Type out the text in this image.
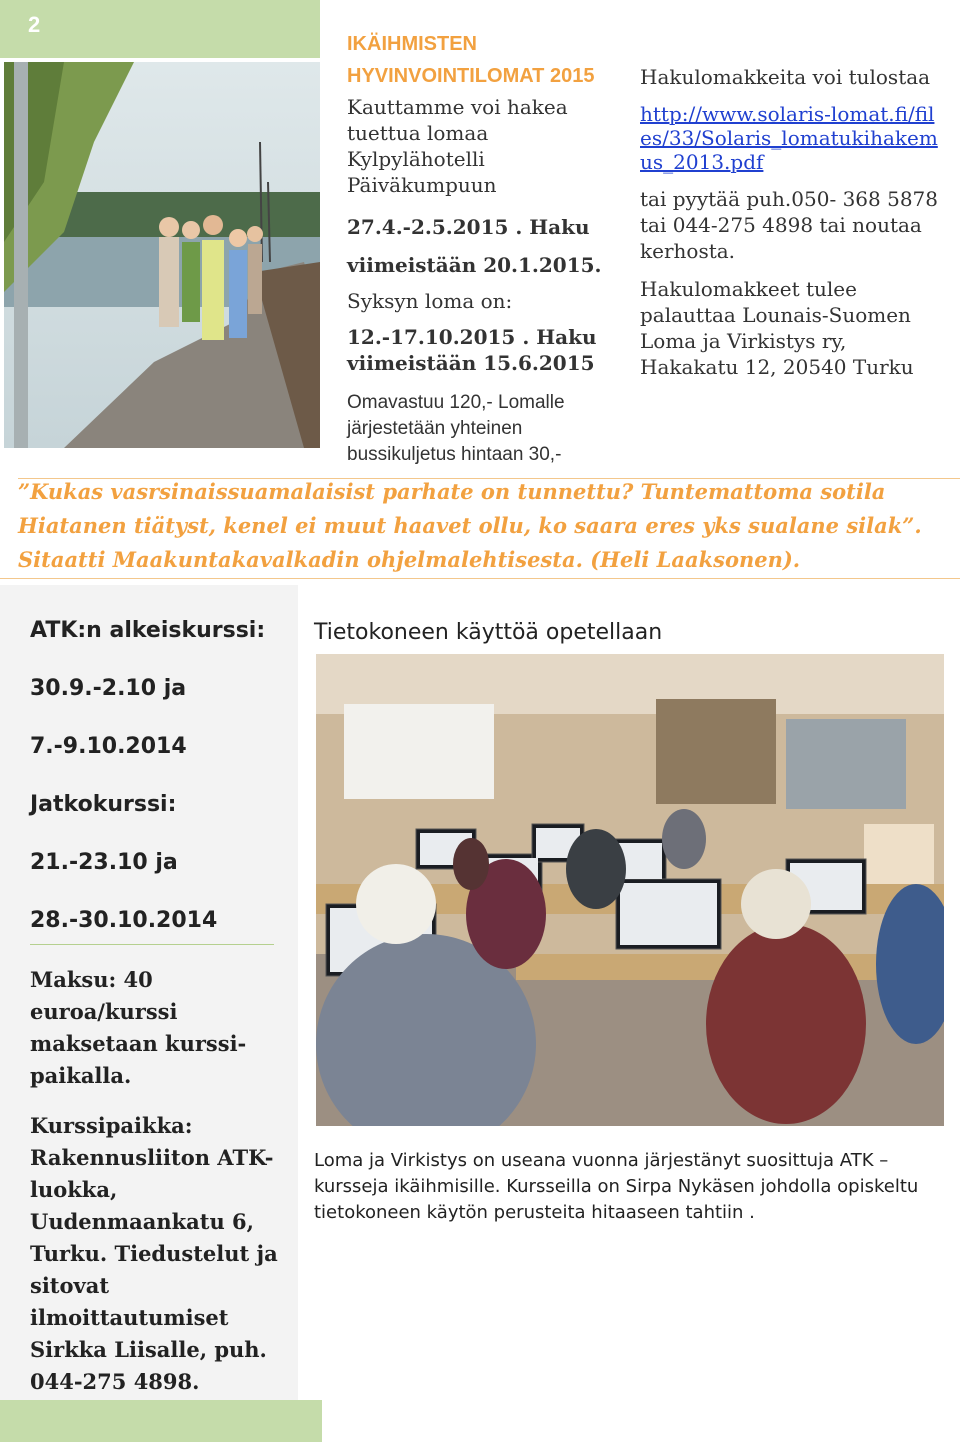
2

IKÄIHMISTEN HYVINVOINTILOMAT 2015

Kauttamme voi hakea tuettua lomaa Kylpylähotelli Päiväkumpuun

27.4.-2.5.2015 . Haku viimeistään 20.1.2015.

Syksyn loma on:

12.-17.10.2015 . Haku viimeistään 15.6.2015

Omavastuu 120,- Lomalle järjestetään yhteinen bussikuljetus hintaan 30,-

Hakulomakkeita voi tulostaa

http://www.solaris-lomat.fi/files/33/Solaris_lomatukihakemus_2013.pdf

tai pyytää puh.050- 368 5878 tai 044-275 4898 tai noutaa kerhosta.

Hakulomakkeet tulee palauttaa Lounais-Suomen Loma ja Virkistys ry, Hakakatu 12, 20540 Turku

”Kukas vasrsinaissuamalaisist parhate on tunnettu? Tuntemattoma sotila Hiatanen tiätyst, kenel ei muut haavet ollu, ko saara eres yks sualane silak”. Sitaatti Maakuntakavalkadin ohjelmalehtisesta. (Heli Laaksonen).
ATK:n alkeiskurssi:
30.9.-2.10 ja
7.-9.10.2014
Jatkokurssi:
21.-23.10 ja
28.-30.10.2014
Maksu: 40 euroa/kurssi maksetaan kurssi-paikalla.
Kurssipaikka: Rakennusliiton ATK-luokka, Uudenmaankatu 6, Turku. Tiedustelut ja sitovat ilmoittautumiset Sirkka Liisalle, puh. 044-275 4898.
Tietokoneen käyttöä opetellaan
Loma ja Virkistys on useana vuonna järjestänyt suosittuja ATK –kursseja ikäihmisille. Kursseilla on Sirpa Nykäsen johdolla opiskeltu tietokoneen käytön perusteita hitaaseen tahtiin .
